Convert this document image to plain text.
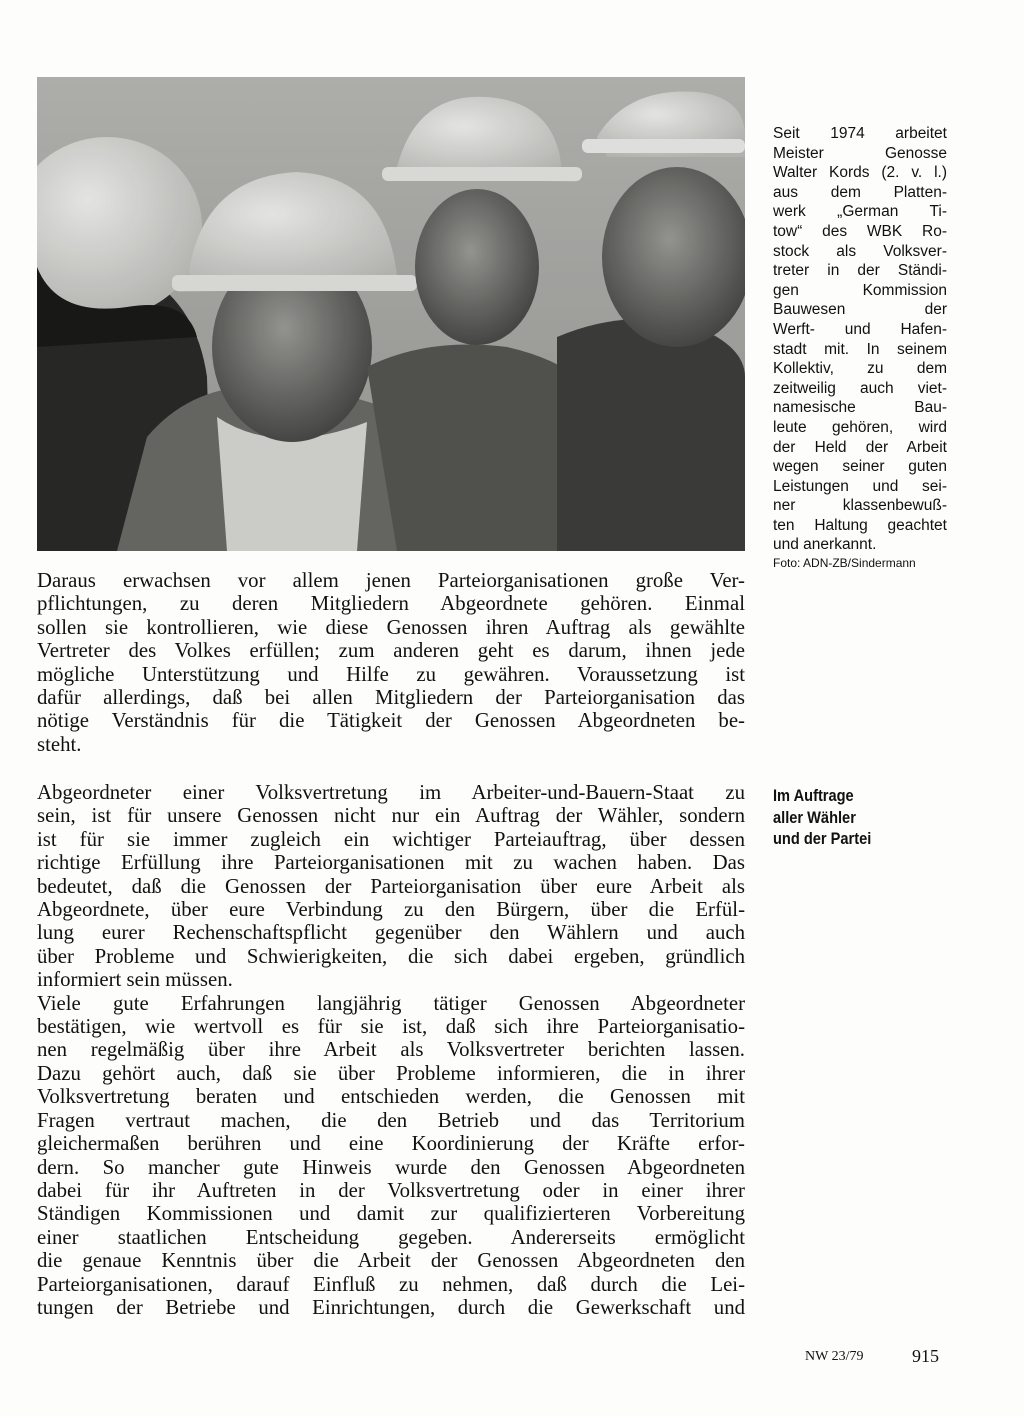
Seit 1974 arbeitet
Meister Genosse
Walter Kords (2. v. l.)
aus dem Platten-
werk „German Ti-
tow“ des WBK Ro-
stock als Volksver-
treter in der Ständi-
gen Kommission
Bauwesen der
Werft- und Hafen-
stadt mit. In seinem
Kollektiv, zu dem
zeitweilig auch viet-
namesische Bau-
leute gehören, wird
der Held der Arbeit
wegen seiner guten
Leistungen und sei-
ner klassenbewuß-
ten Haltung geachtet
und anerkannt.
Foto: ADN-ZB/Sindermann
Daraus erwachsen vor allem jenen Parteiorganisationen große Ver-
pflichtungen, zu deren Mitgliedern Abgeordnete gehören. Einmal
sollen sie kontrollieren, wie diese Genossen ihren Auftrag als gewählte
Vertreter des Volkes erfüllen; zum anderen geht es darum, ihnen jede
mögliche Unterstützung und Hilfe zu gewähren. Voraussetzung ist
dafür allerdings, daß bei allen Mitgliedern der Parteiorganisation das
nötige Verständnis für die Tätigkeit der Genossen Abgeordneten be-
steht.
Im Auftrage
aller Wähler
und der Partei
Abgeordneter einer Volksvertretung im Arbeiter-und-Bauern-Staat zu
sein, ist für unsere Genossen nicht nur ein Auftrag der Wähler, sondern
ist für sie immer zugleich ein wichtiger Parteiauftrag, über dessen
richtige Erfüllung ihre Parteiorganisationen mit zu wachen haben. Das
bedeutet, daß die Genossen der Parteiorganisation über eure Arbeit als
Abgeordnete, über eure Verbindung zu den Bürgern, über die Erfül-
lung eurer Rechenschaftspflicht gegenüber den Wählern und auch
über Probleme und Schwierigkeiten, die sich dabei ergeben, gründlich
informiert sein müssen.
Viele gute Erfahrungen langjährig tätiger Genossen Abgeordneter
bestätigen, wie wertvoll es für sie ist, daß sich ihre Parteiorganisatio-
nen regelmäßig über ihre Arbeit als Volksvertreter berichten lassen.
Dazu gehört auch, daß sie über Probleme informieren, die in ihrer
Volksvertretung beraten und entschieden werden, die Genossen mit
Fragen vertraut machen, die den Betrieb und das Territorium
gleichermaßen berühren und eine Koordinierung der Kräfte erfor-
dern. So mancher gute Hinweis wurde den Genossen Abgeordneten
dabei für ihr Auftreten in der Volksvertretung oder in einer ihrer
Ständigen Kommissionen und damit zur qualifizierteren Vorbereitung
einer staatlichen Entscheidung gegeben. Andererseits ermöglicht
die genaue Kenntnis über die Arbeit der Genossen Abgeordneten den
Parteiorganisationen, darauf Einfluß zu nehmen, daß durch die Lei-
tungen der Betriebe und Einrichtungen, durch die Gewerkschaft und
NW 23/79	915
